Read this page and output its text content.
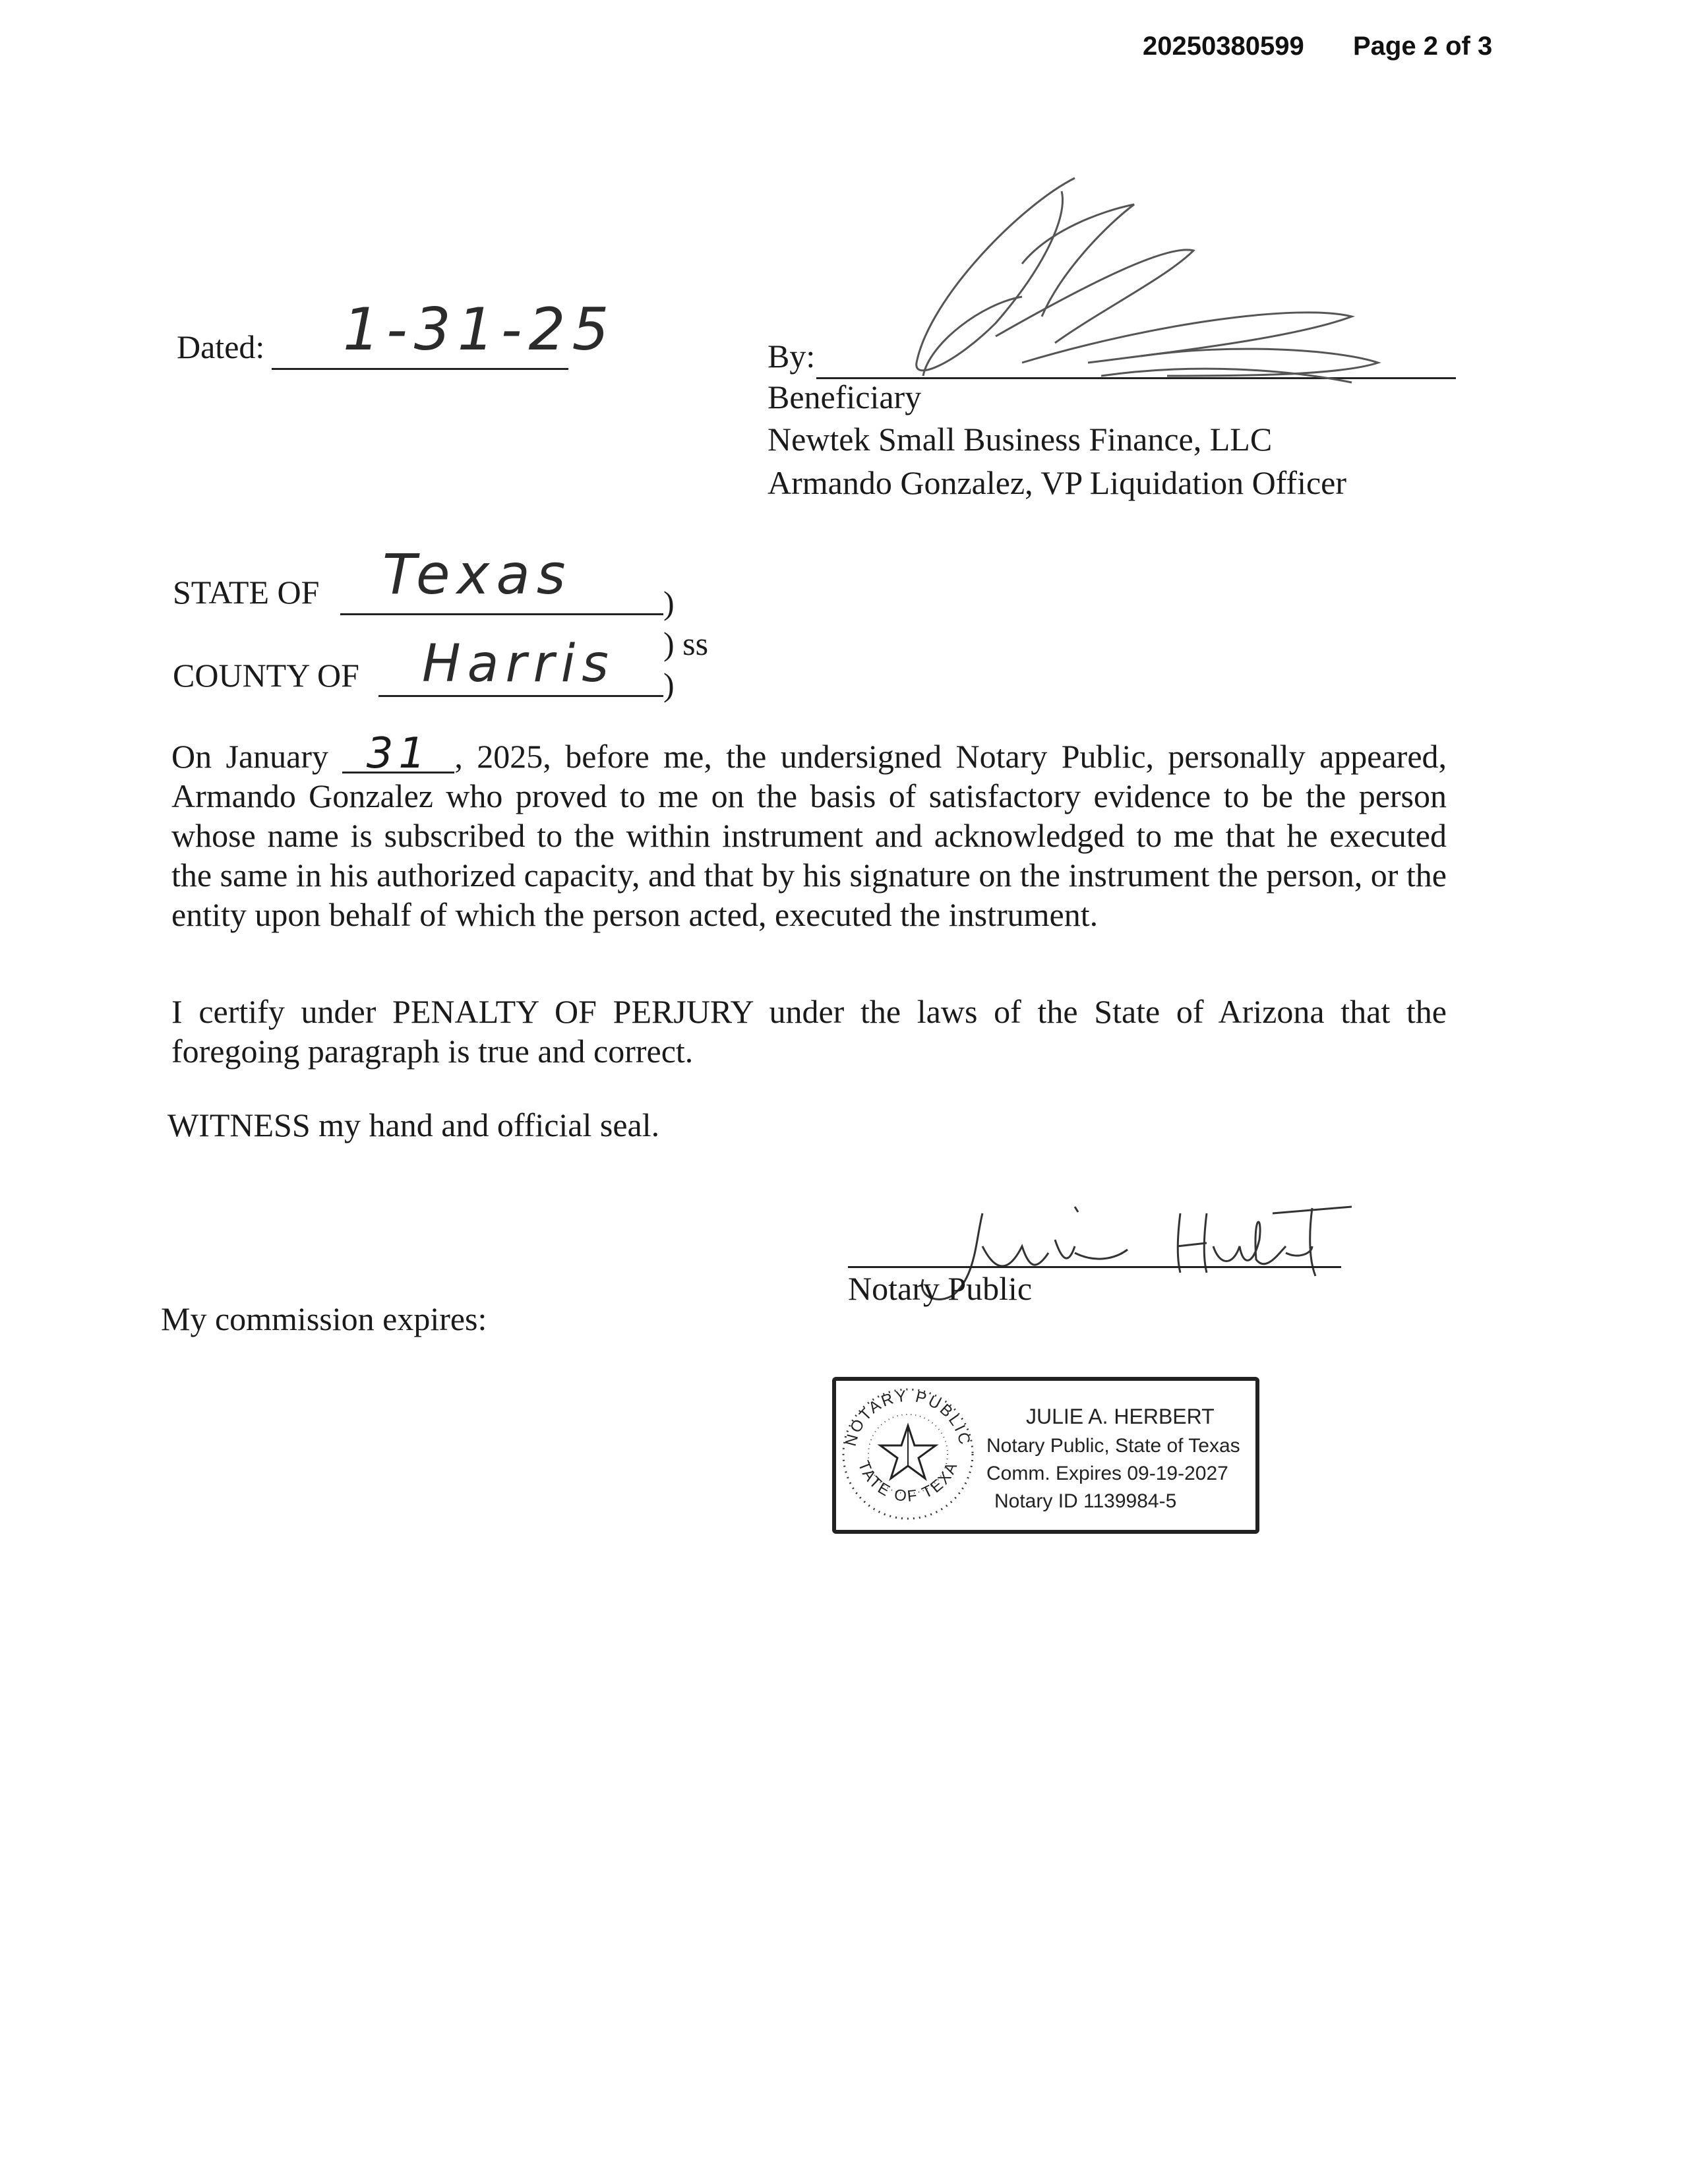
20250380599 Page 2 of 3
Dated: 1-31-25	By:
Beneficiary
Newtek Small Business Finance, LLC
Armando Gonzalez, VP Liquidation Officer
STATE OF Texas	)
) ss
COUNTY OF Harris )
On January 31 , 2025, before me, the undersigned Notary Public, personally appeared, Armando Gonzalez who proved to me on the basis of satisfactory evidence to be the person whose name is subscribed to the within instrument and acknowledged to me that he executed the same in his authorized capacity, and that by his signature on the instrument the person, or the entity upon behalf of which the person acted, executed the instrument.
I certify under PENALTY OF PERJURY under the laws of the State of Arizona that the foregoing paragraph is true and correct.
WITNESS my hand and official seal.
Notary Public
My commission expires:
NOTARY PUBLIC
STATE OF TEXAS
JULIE A. HERBERT
Notary Public, State of Texas
Comm. Expires 09-19-2027
Notary ID 1139984-5
